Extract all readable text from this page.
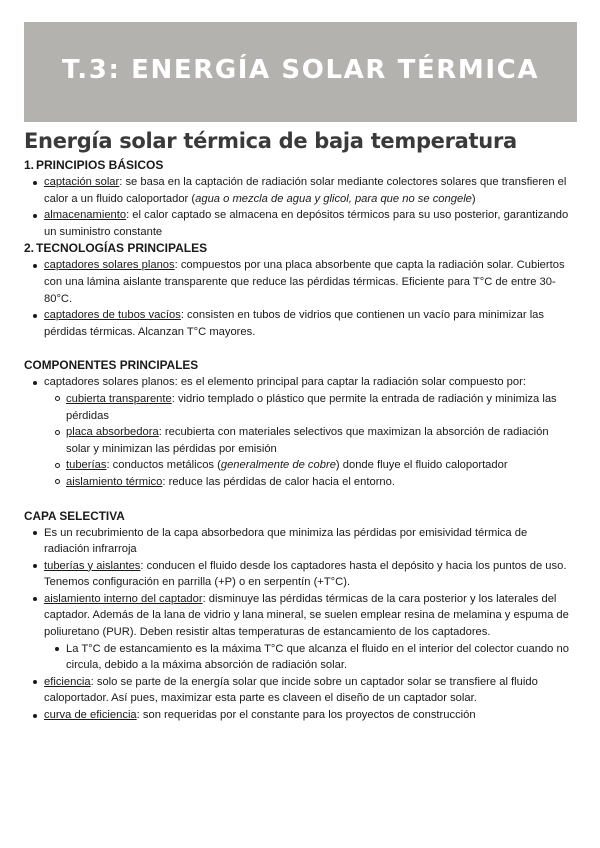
T.3: ENERGÍA SOLAR TÉRMICA
Energía solar térmica de baja temperatura
1. PRINCIPIOS BÁSICOS
captación solar: se basa en la captación de radiación solar mediante colectores solares que transfieren el calor a un fluido caloportador (agua o mezcla de agua y glicol, para que no se congele)
almacenamiento: el calor captado se almacena en depósitos térmicos para su uso posterior, garantizando un suministro constante
2. TECNOLOGÍAS PRINCIPALES
captadores solares planos: compuestos por una placa absorbente que capta la radiación solar. Cubiertos con una lámina aislante transparente que reduce las pérdidas térmicas. Eficiente para T°C de entre 30-80°C.
captadores de tubos vacíos: consisten en tubos de vidrios que contienen un vacío para minimizar las pérdidas térmicas. Alcanzan T°C mayores.
COMPONENTES PRINCIPALES
captadores solares planos: es el elemento principal para captar la radiación solar compuesto por:
cubierta transparente: vidrio templado o plástico que permite la entrada de radiación y minimiza las pérdidas
placa absorbedora: recubierta con materiales selectivos que maximizan la absorción de radiación solar y minimizan las pérdidas por emisión
tuberías: conductos metálicos (generalmente de cobre) donde fluye el fluido caloportador
aislamiento térmico: reduce las pérdidas de calor hacia el entorno.
CAPA SELECTIVA
Es un recubrimiento de la capa absorbedora que minimiza las pérdidas por emisividad térmica de radiación infrarroja
tuberías y aislantes: conducen el fluido desde los captadores hasta el depósito y hacia los puntos de uso. Tenemos configuración en parrilla (+P) o en serpentín (+T°C).
aislamiento interno del captador: disminuye las pérdidas térmicas de la cara posterior y los laterales del captador. Además de la lana de vidrio y lana mineral, se suelen emplear resina de melamina y espuma de poliuretano (PUR). Deben resistir altas temperaturas de estancamiento de los captadores.
La T°C de estancamiento es la máxima T°C que alcanza el fluido en el interior del colector cuando no circula, debido a la máxima absorción de radiación solar.
eficiencia: solo se parte de la energía solar que incide sobre un captador solar se transfiere al fluido caloportador. Así pues, maximizar esta parte es claveen el diseño de un captador solar.
curva de eficiencia: son requeridas por el constante para los proyectos de construcción
